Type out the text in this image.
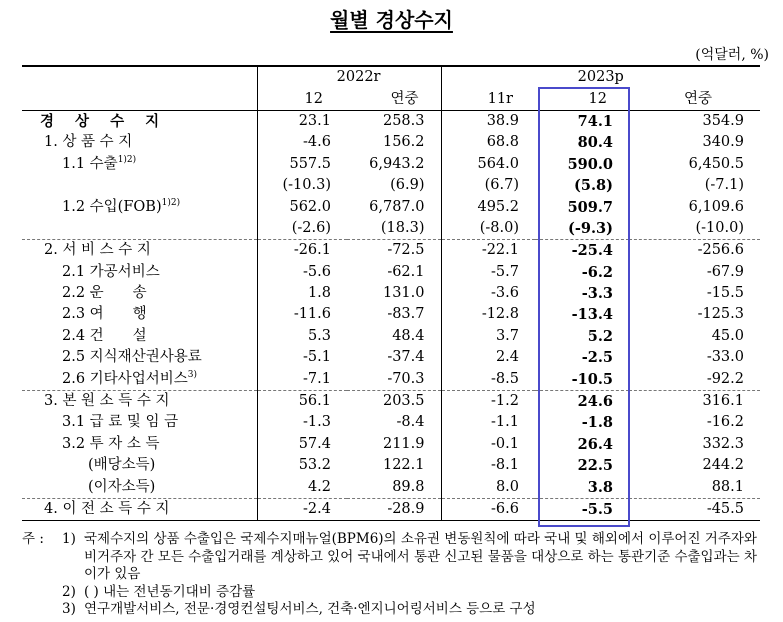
월별 경상수지
(억달러, %)
	2022r		2023p		
	12	연중	11r	12	연중
경 상 수 지	23.1	258.3	38.9	74.1	354.9
1. 상 품 수 지	-4.6	156.2	68.8	80.4	340.9
1.1 수출$^{1)2)}$	557.5	6,943.2	564.0	590.0	6,450.5
	(-10.3)	(6.9)	(6.7)	(5.8)	(-7.1)
1.2 수입(FOB)$^{1)2)}$	562.0	6,787.0	495.2	509.7	6,109.6
	(-2.6)	(18.3)	(-8.0)	(-9.3)	(-10.0)
2. 서 비 스 수 지	-26.1	-72.5	-22.1	-25.4	-256.6
2.1 가공서비스	-5.6	-62.1	-5.7	-6.2	-67.9
2.2 운　　송	1.8	131.0	-3.6	-3.3	-15.5
2.3 여　　행	-11.6	-83.7	-12.8	-13.4	-125.3
2.4 건　　설	5.3	48.4	3.7	5.2	45.0
2.5 지식재산권사용료	-5.1	-37.4	2.4	-2.5	-33.0
2.6 기타사업서비스$^{3)}$	-7.1	-70.3	-8.5	-10.5	-92.2
3. 본 원 소 득 수 지	56.1	203.5	-1.2	24.6	316.1
3.1 급 료 및 임 금	-1.3	-8.4	-1.1	-1.8	-16.2
3.2 투 자 소 득	57.4	211.9	-0.1	26.4	332.3
(배당소득)	53.2	122.1	-8.1	22.5	244.2
(이자소득)	4.2	89.8	8.0	3.8	88.1
4. 이 전 소 득 수 지	-2.4	-28.9	-6.6	-5.5	-45.5
주 :	1) 국제수지의 상품 수출입은 국제수지매뉴얼(BPM6)의 소유권 변동원칙에 따라 국내 및 해외에서 이루어진 거주자와 비거주자 간 모든 수출입거래를 계상하고 있어 국내에서 통관 신고된 물품을 대상으로 하는 통관기준 수출입과는 차이가 있음
2) ( ) 내는 전년동기대비 증감률
3) 연구개발서비스, 전문·경영컨설팅서비스, 건축·엔지니어링서비스 등으로 구성
